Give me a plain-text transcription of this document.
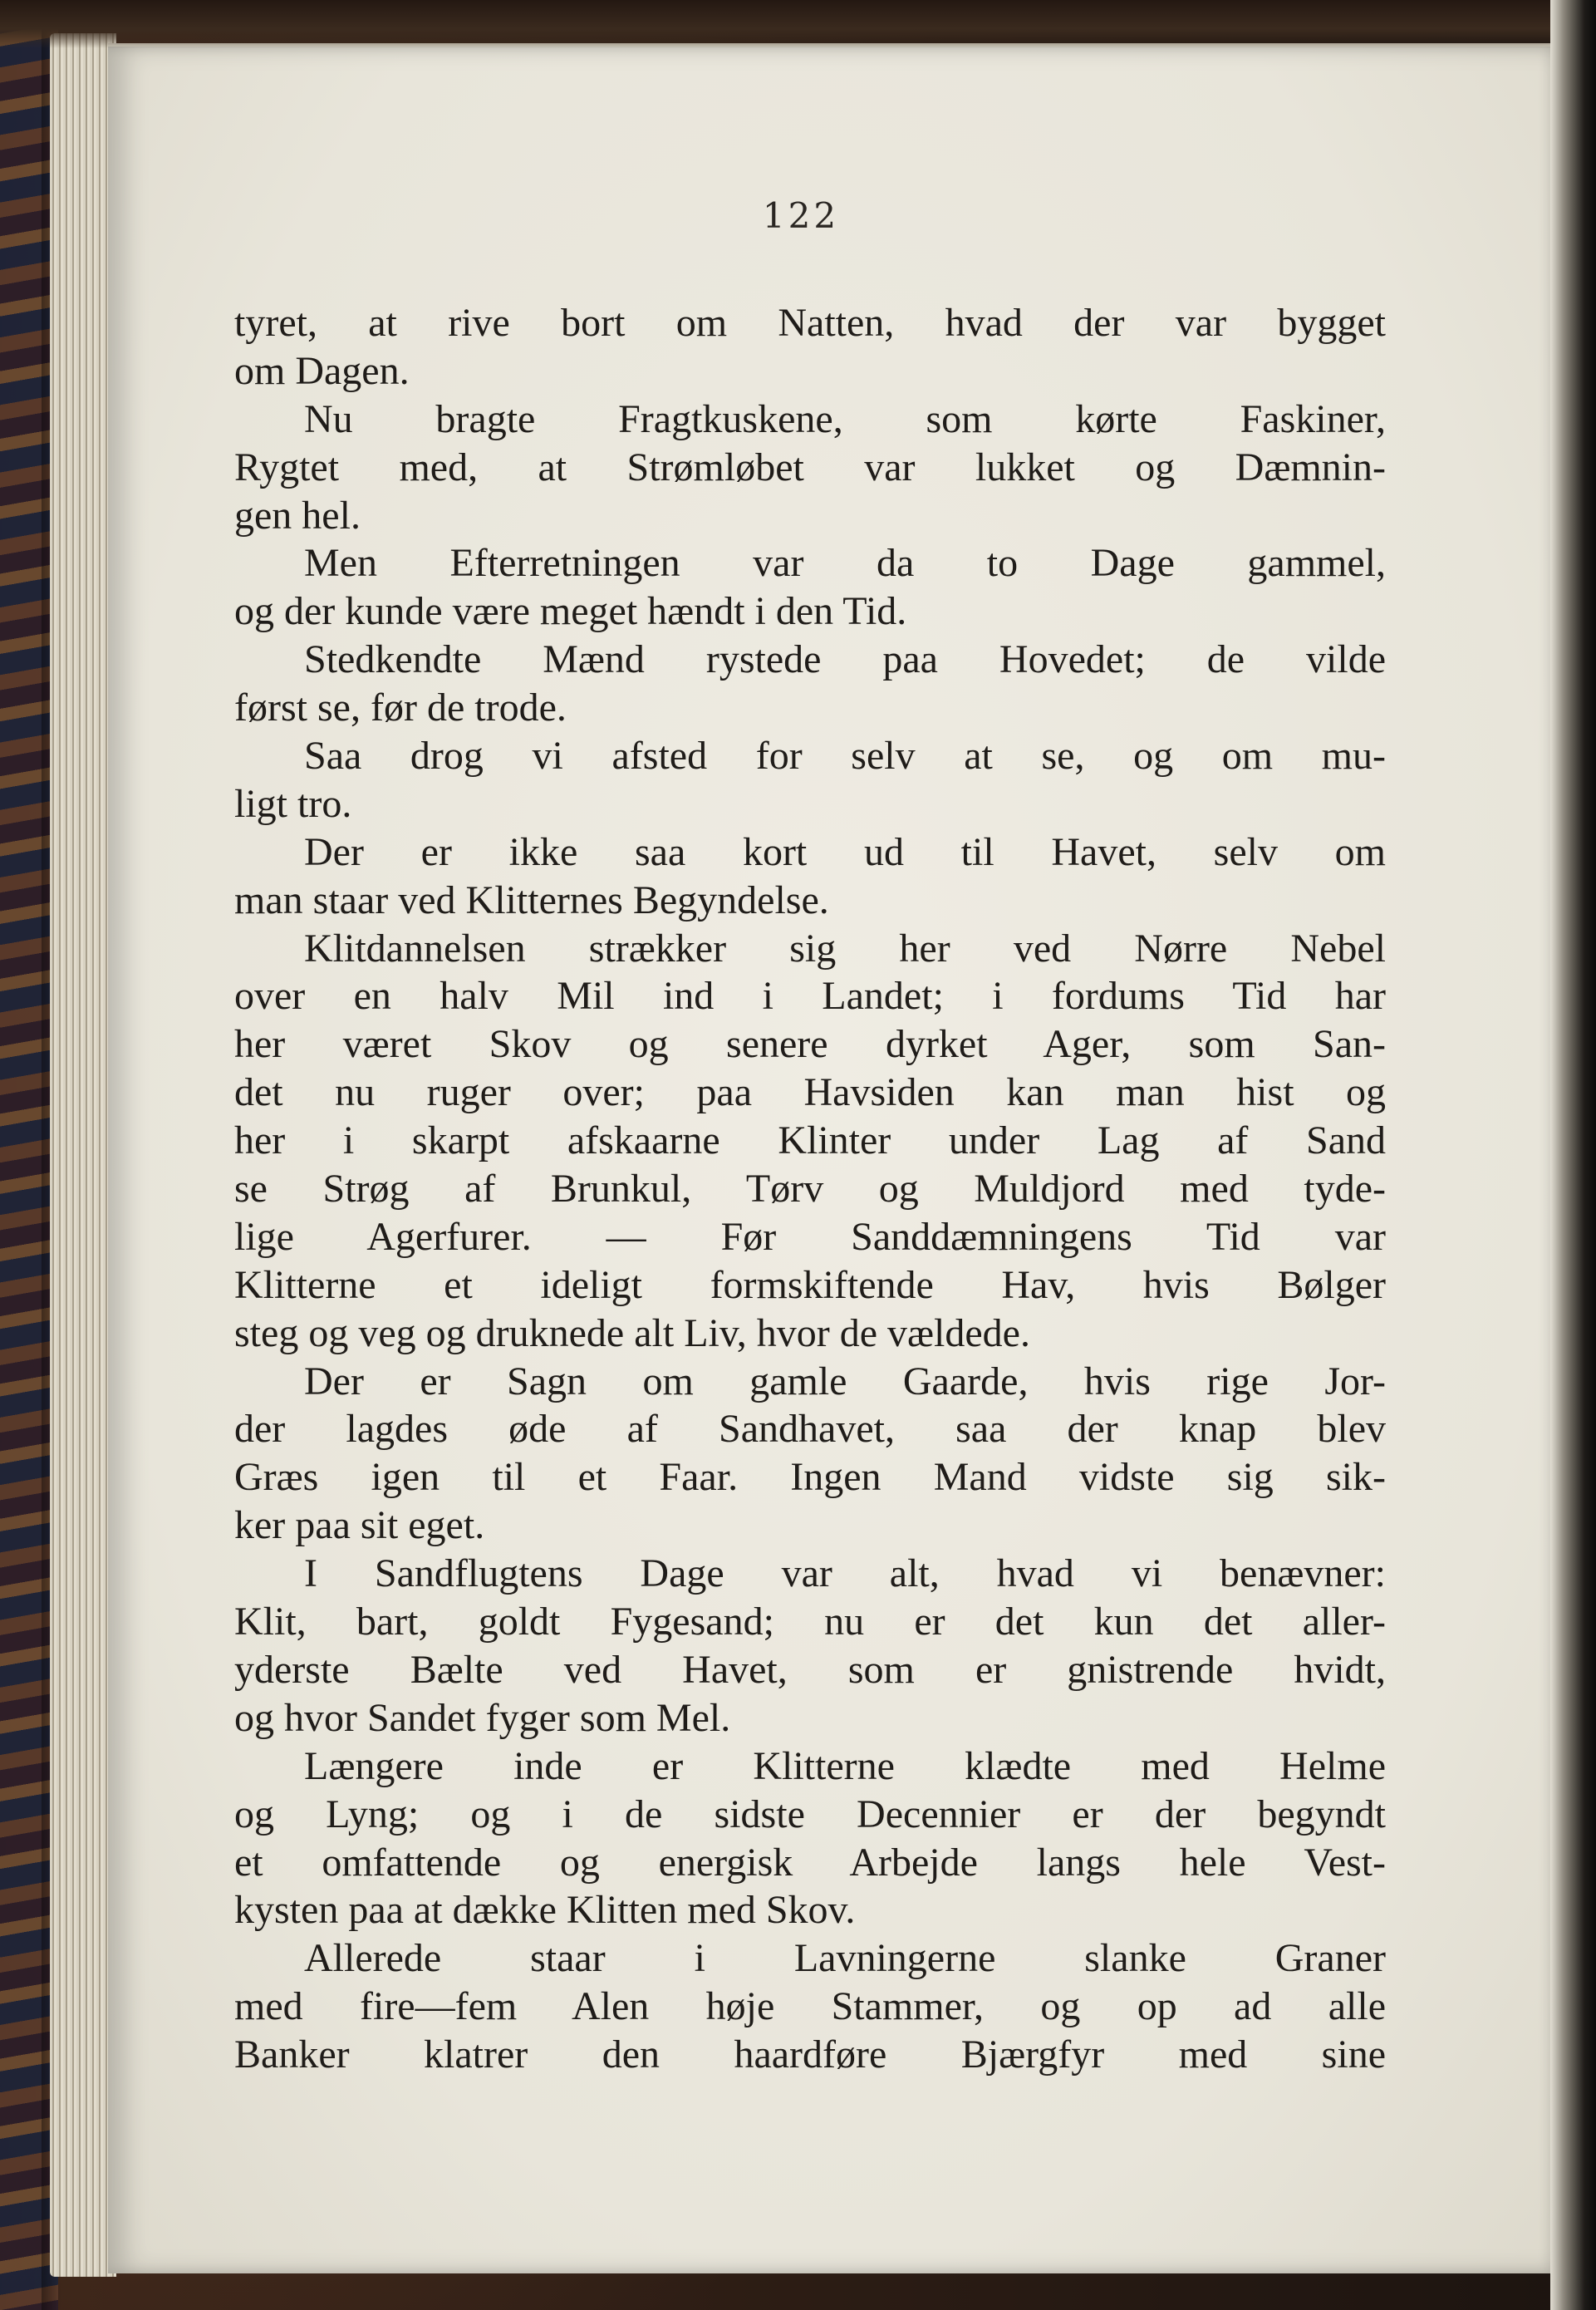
122
tyret, at rive bort om Natten, hvad der var bygget
om Dagen.
Nu bragte Fragtkuskene, som kørte Faskiner,
Rygtet med, at Strømløbet var lukket og Dæmnin-
gen hel.
Men Efterretningen var da to Dage gammel,
og der kunde være meget hændt i den Tid.
Stedkendte Mænd rystede paa Hovedet; de vilde
først se, før de trode.
Saa drog vi afsted for selv at se, og om mu-
ligt tro.
Der er ikke saa kort ud til Havet, selv om
man staar ved Klitternes Begyndelse.
Klitdannelsen strækker sig her ved Nørre Nebel
over en halv Mil ind i Landet; i fordums Tid har
her været Skov og senere dyrket Ager, som San-
det nu ruger over; paa Havsiden kan man hist og
her i skarpt afskaarne Klinter under Lag af Sand
se Strøg af Brunkul, Tørv og Muldjord med tyde-
lige Agerfurer. — Før Sanddæmningens Tid var
Klitterne et ideligt formskiftende Hav, hvis Bølger
steg og veg og druknede alt Liv, hvor de vældede.
Der er Sagn om gamle Gaarde, hvis rige Jor-
der lagdes øde af Sandhavet, saa der knap blev
Græs igen til et Faar. Ingen Mand vidste sig sik-
ker paa sit eget.
I Sandflugtens Dage var alt, hvad vi benævner:
Klit, bart, goldt Fygesand; nu er det kun det aller-
yderste Bælte ved Havet, som er gnistrende hvidt,
og hvor Sandet fyger som Mel.
Længere inde er Klitterne klædte med Helme
og Lyng; og i de sidste Decennier er der begyndt
et omfattende og energisk Arbejde langs hele Vest-
kysten paa at dække Klitten med Skov.
Allerede staar i Lavningerne slanke Graner
med fire—fem Alen høje Stammer, og op ad alle
Banker klatrer den haardføre Bjærgfyr med sine
